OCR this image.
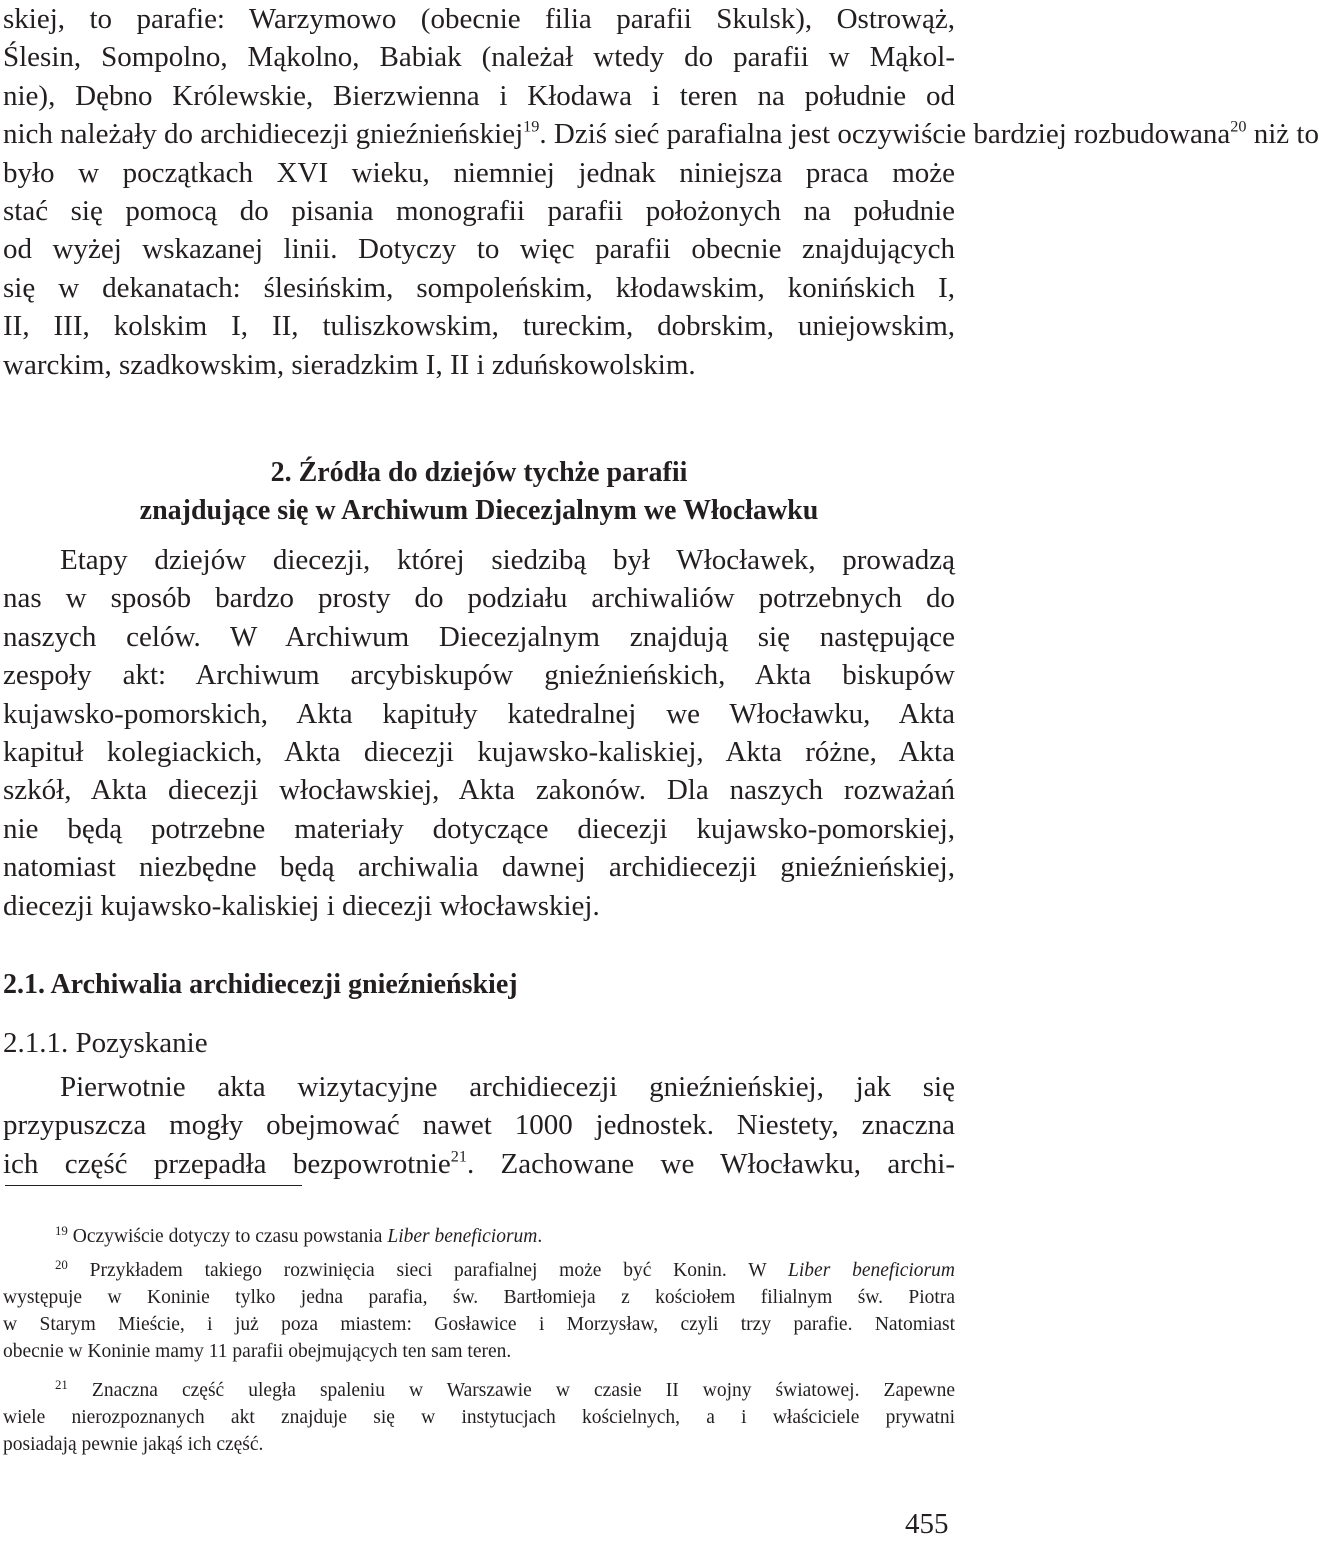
skiej, to parafie: Warzymowo (obecnie filia parafii Skulsk), Ostrowąż,
Ślesin, Sompolno, Mąkolno, Babiak (należał wtedy do parafii w Mąkol-
nie), Dębno Królewskie, Bierzwienna i Kłodawa i teren na południe od
nich należały do archidiecezji gnieźnieńskiej$^{19}$. Dziś sieć parafialna jest oczywiście bardziej rozbudowana$^{20}$ niż to
było w początkach XVI wieku, niemniej jednak niniejsza praca może
stać się pomocą do pisania monografii parafii położonych na południe
od wyżej wskazanej linii. Dotyczy to więc parafii obecnie znajdujących
się w dekanatach: ślesińskim, sompoleńskim, kłodawskim, konińskich I,
II, III, kolskim I, II, tuliszkowskim, tureckim, dobrskim, uniejowskim,
warckim, szadkowskim, sieradzkim I, II i zduńskowolskim.
2. Źródła do dziejów tychże parafii
znajdujące się w Archiwum Diecezjalnym we Włocławku
Etapy dziejów diecezji, której siedzibą był Włocławek, prowadzą
nas w sposób bardzo prosty do podziału archiwaliów potrzebnych do
naszych celów. W Archiwum Diecezjalnym znajdują się następujące
zespoły akt: Archiwum arcybiskupów gnieźnieńskich, Akta biskupów
kujawsko-pomorskich, Akta kapituły katedralnej we Włocławku, Akta
kapituł kolegiackich, Akta diecezji kujawsko-kaliskiej, Akta różne, Akta
szkół, Akta diecezji włocławskiej, Akta zakonów. Dla naszych rozważań
nie będą potrzebne materiały dotyczące diecezji kujawsko-pomorskiej,
natomiast niezbędne będą archiwalia dawnej archidiecezji gnieźnieńskiej,
diecezji kujawsko-kaliskiej i diecezji włocławskiej.
2.1. Archiwalia archidiecezji gnieźnieńskiej
2.1.1. Pozyskanie
Pierwotnie akta wizytacyjne archidiecezji gnieźnieńskiej, jak się
przypuszcza mogły obejmować nawet 1000 jednostek. Niestety, znaczna
ich część przepadła bezpowrotnie$^{21}$. Zachowane we Włocławku, archi-
$^{19}$ Oczywiście dotyczy to czasu powstania Liber beneficiorum.
$^{20}$ Przykładem takiego rozwinięcia sieci parafialnej może być Konin. W Liber beneficiorum
występuje w Koninie tylko jedna parafia, św. Bartłomieja z kościołem filialnym św. Piotra
w Starym Mieście, i już poza miastem: Gosławice i Morzysław, czyli trzy parafie. Natomiast
obecnie w Koninie mamy 11 parafii obejmujących ten sam teren.
$^{21}$ Znaczna część uległa spaleniu w Warszawie w czasie II wojny światowej. Zapewne
wiele nierozpoznanych akt znajduje się w instytucjach kościelnych, a i właściciele prywatni
posiadają pewnie jakąś ich część.
455
